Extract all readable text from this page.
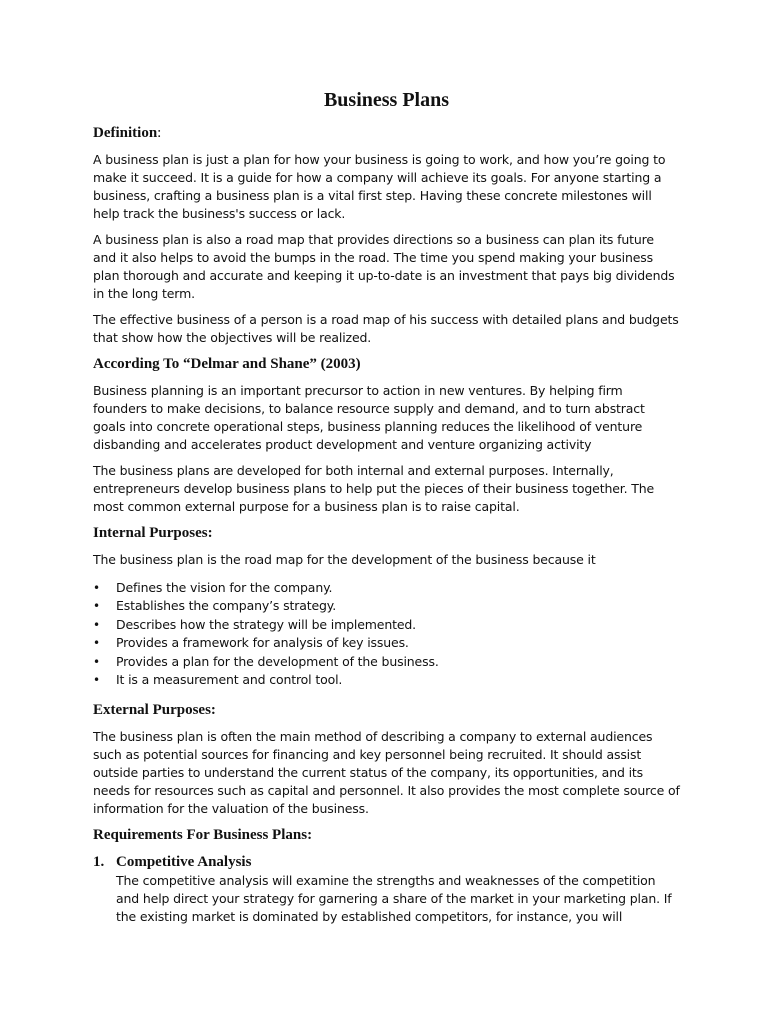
Business Plans
Definition:
A business plan is just a plan for how your business is going to work, and how you’re going to make it succeed. It is a guide for how a company will achieve its goals. For anyone starting a business, crafting a business plan is a vital first step. Having these concrete milestones will help track the business's success or lack.
A business plan is also a road map that provides directions so a business can plan its future and it also helps to avoid the bumps in the road. The time you spend making your business plan thorough and accurate and keeping it up-to-date is an investment that pays big dividends in the long term.
The effective business of a person is a road map of his success with detailed plans and budgets that show how the objectives will be realized.
According To “Delmar and Shane” (2003)
Business planning is an important precursor to action in new ventures. By helping firm founders to make decisions, to balance resource supply and demand, and to turn abstract goals into concrete operational steps, business planning reduces the likelihood of venture disbanding and accelerates product development and venture organizing activity
The business plans are developed for both internal and external purposes. Internally, entrepreneurs develop business plans to help put the pieces of their business together. The most common external purpose for a business plan is to raise capital.
Internal Purposes:
The business plan is the road map for the development of the business because it
• Defines the vision for the company.
• Establishes the company’s strategy.
• Describes how the strategy will be implemented.
• Provides a framework for analysis of key issues.
• Provides a plan for the development of the business.
• It is a measurement and control tool.
External Purposes:
The business plan is often the main method of describing a company to external audiences such as potential sources for financing and key personnel being recruited. It should assist outside parties to understand the current status of the company, its opportunities, and its needs for resources such as capital and personnel. It also provides the most complete source of information for the valuation of the business.
Requirements For Business Plans:
1. Competitive Analysis
The competitive analysis will examine the strengths and weaknesses of the competition and help direct your strategy for garnering a share of the market in your marketing plan. If the existing market is dominated by established competitors, for instance, you will
